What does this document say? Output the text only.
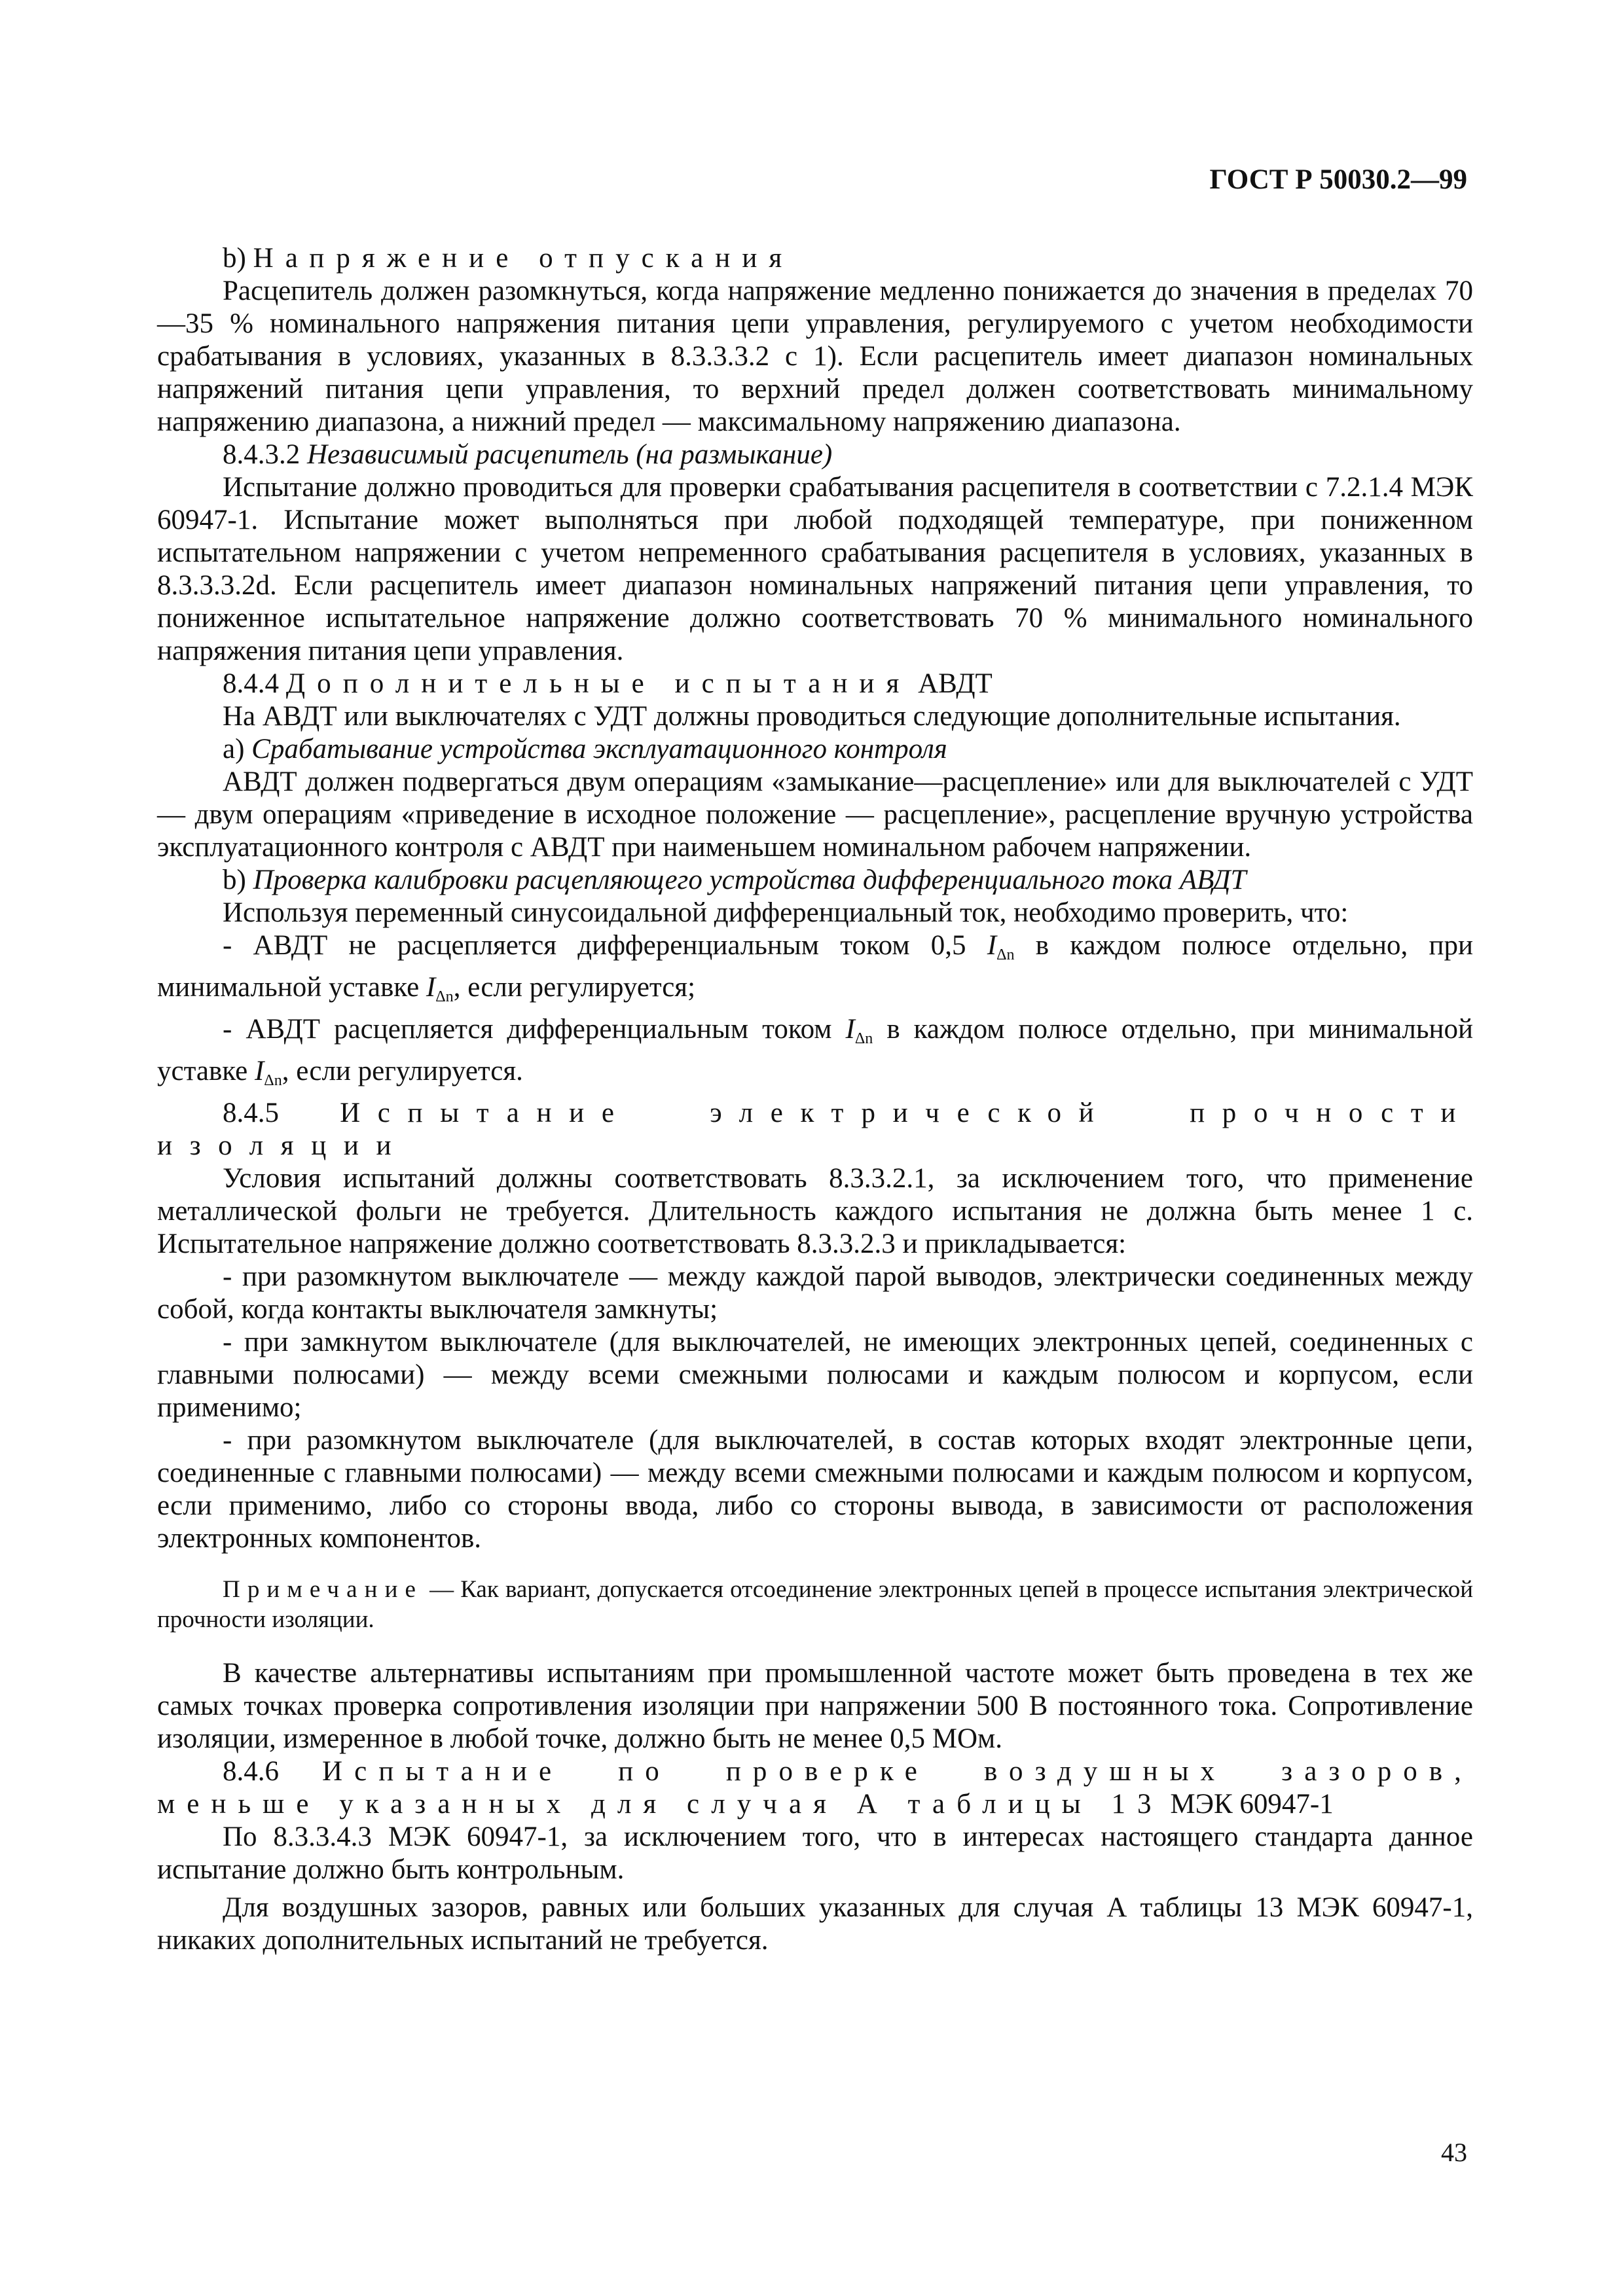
ГОСТ Р 50030.2—99

b) Напряжение отпускания

Расцепитель должен разомкнуться, когда напряжение медленно понижается до значения в пределах 70—35 % номинального напряжения питания цепи управления, регулируемого с учетом необходимости срабатывания в условиях, указанных в 8.3.3.3.2 с 1). Если расцепитель имеет диапазон номинальных напряжений питания цепи управления, то верхний предел должен соответствовать минимальному напряжению диапазона, а нижний предел — максимальному напряжению диапазона.

8.4.3.2 Независимый расцепитель (на размыкание)

Испытание должно проводиться для проверки срабатывания расцепителя в соответствии с 7.2.1.4 МЭК 60947-1. Испытание может выполняться при любой подходящей температуре, при пониженном испытательном напряжении с учетом непременного срабатывания расцепителя в условиях, указанных в 8.3.3.3.2d. Если расцепитель имеет диапазон номинальных напряжений питания цепи управления, то пониженное испытательное напряжение должно соответствовать 70 % минимального номинального напряжения питания цепи управления.

8.4.4 Дополнительные испытания АВДТ

На АВДТ или выключателях с УДТ должны проводиться следующие дополнительные испытания.

а) Срабатывание устройства эксплуатационного контроля

АВДТ должен подвергаться двум операциям «замыкание—расцепление» или для выключателей с УДТ — двум операциям «приведение в исходное положение — расцепление», расцепление вручную устройства эксплуатационного контроля с АВДТ при наименьшем номинальном рабочем напряжении.

b) Проверка калибровки расцепляющего устройства дифференциального тока АВДТ

Используя переменный синусоидальной дифференциальный ток, необходимо проверить, что:

- АВДТ не расцепляется дифференциальным током 0,5 $I_{\Delta n}$ в каждом полюсе отдельно, при минимальной уставке $I_{\Delta n}$, если регулируется;

- АВДТ расцепляется дифференциальным током $I_{\Delta n}$ в каждом полюсе отдельно, при минимальной уставке $I_{\Delta n}$, если регулируется.

8.4.5 Испытание электрической прочности изоляции

Условия испытаний должны соответствовать 8.3.3.2.1, за исключением того, что применение металлической фольги не требуется. Длительность каждого испытания не должна быть менее 1 с. Испытательное напряжение должно соответствовать 8.3.3.2.3 и прикладывается:

- при разомкнутом выключателе — между каждой парой выводов, электрически соединенных между собой, когда контакты выключателя замкнуты;

- при замкнутом выключателе (для выключателей, не имеющих электронных цепей, соединенных с главными полюсами) — между всеми смежными полюсами и каждым полюсом и корпусом, если применимо;

- при разомкнутом выключателе (для выключателей, в состав которых входят электронные цепи, соединенные с главными полюсами) — между всеми смежными полюсами и каждым полюсом и корпусом, если применимо, либо со стороны ввода, либо со стороны вывода, в зависимости от расположения электронных компонентов.

Примечание — Как вариант, допускается отсоединение электронных цепей в процессе испытания электрической прочности изоляции.

В качестве альтернативы испытаниям при промышленной частоте может быть проведена в тех же самых точках проверка сопротивления изоляции при напряжении 500 В постоянного тока. Сопротивление изоляции, измеренное в любой точке, должно быть не менее 0,5 МОм.

8.4.6 Испытание по проверке воздушных зазоров, меньше указанных для случая А таблицы 13 МЭК 60947-1

По 8.3.3.4.3 МЭК 60947-1, за исключением того, что в интересах настоящего стандарта данное испытание должно быть контрольным.

Для воздушных зазоров, равных или больших указанных для случая А таблицы 13 МЭК 60947-1, никаких дополнительных испытаний не требуется.

43
